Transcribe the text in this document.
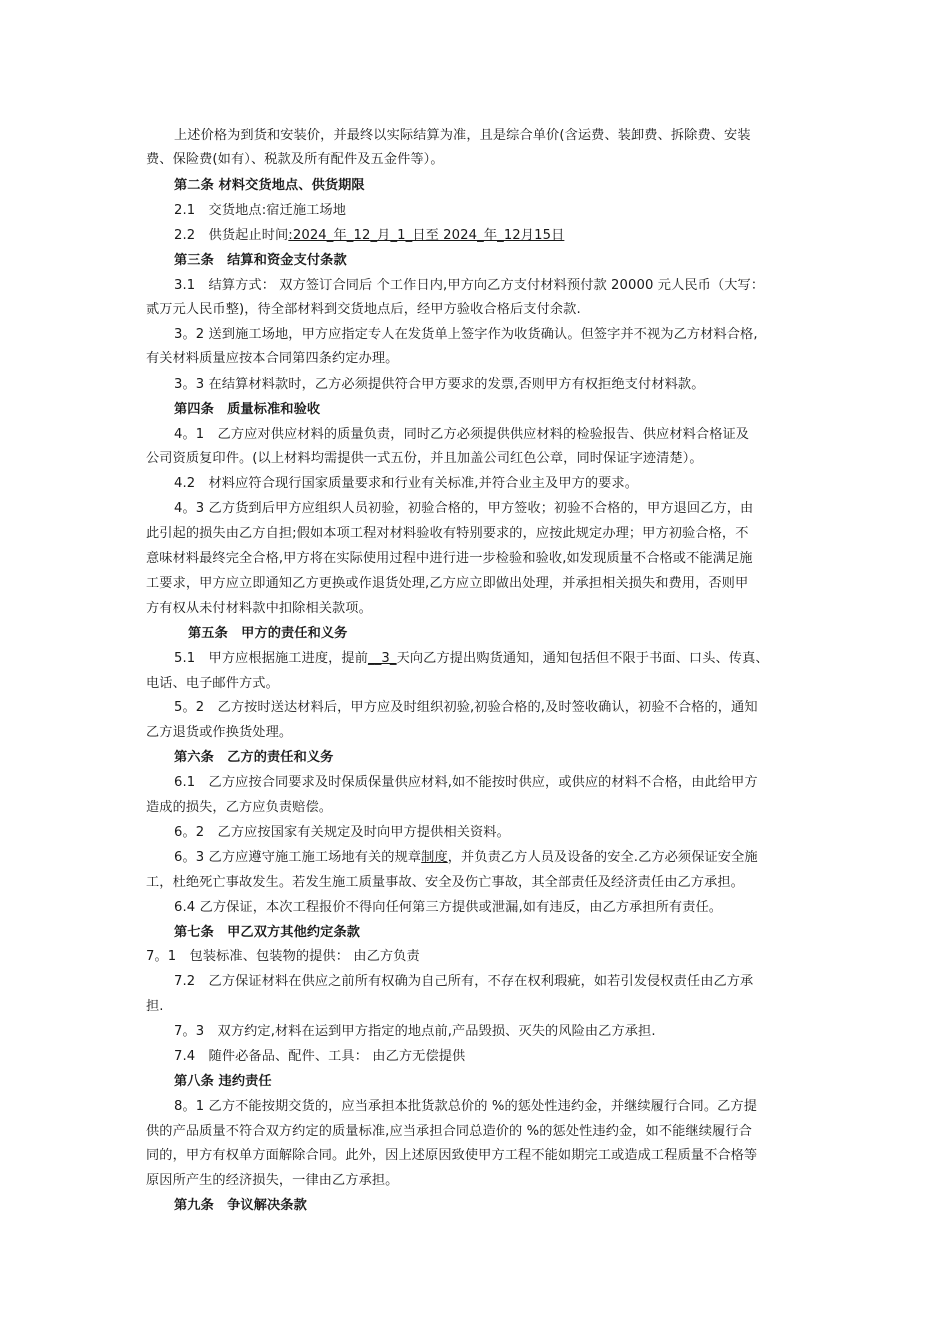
上述价格为到货和安装价，并最终以实际结算为准，且是综合单价(含运费、装卸费、拆除费、安装
费、保险费(如有）、税款及所有配件及五金件等）。
第二条 材料交货地点、供货期限
2.1　交货地点:宿迁施工场地
2.2　供货起止时间:2024_年_12_月_1_日至 2024_年_12月15日
第三条　结算和资金支付条款
3.1　结算方式： 双方签订合同后 个工作日内,甲方向乙方支付材料预付款 20000 元人民币（大写：
贰万元人民币整)，待全部材料到交货地点后，经甲方验收合格后支付余款.
3。2 送到施工场地，甲方应指定专人在发货单上签字作为收货确认。但签字并不视为乙方材料合格,
有关材料质量应按本合同第四条约定办理。
3。3 在结算材料款时，乙方必须提供符合甲方要求的发票,否则甲方有权拒绝支付材料款。
第四条　质量标准和验收
4。1　乙方应对供应材料的质量负责，同时乙方必须提供供应材料的检验报告、供应材料合格证及
公司资质复印件。(以上材料均需提供一式五份，并且加盖公司红色公章，同时保证字迹清楚）。
4.2　材料应符合现行国家质量要求和行业有关标准,并符合业主及甲方的要求。
4。3 乙方货到后甲方应组织人员初验，初验合格的，甲方签收；初验不合格的，甲方退回乙方，由
此引起的损失由乙方自担;假如本项工程对材料验收有特别要求的，应按此规定办理；甲方初验合格，不
意味材料最终完全合格,甲方将在实际使用过程中进行进一步检验和验收,如发现质量不合格或不能满足施
工要求，甲方应立即通知乙方更换或作退货处理,乙方应立即做出处理，并承担相关损失和费用，否则甲
方有权从未付材料款中扣除相关款项。
第五条　甲方的责任和义务
5.1　甲方应根据施工进度，提前__3_天向乙方提出购货通知，通知包括但不限于书面、口头、传真、
电话、电子邮件方式。
5。2　乙方按时送达材料后，甲方应及时组织初验,初验合格的,及时签收确认，初验不合格的，通知
乙方退货或作换货处理。
第六条　乙方的责任和义务
6.1　乙方应按合同要求及时保质保量供应材料,如不能按时供应，或供应的材料不合格，由此给甲方
造成的损失，乙方应负责赔偿。
6。2　乙方应按国家有关规定及时向甲方提供相关资料。
6。3 乙方应遵守施工施工场地有关的规章制度，并负责乙方人员及设备的安全.乙方必须保证安全施
工，杜绝死亡事故发生。若发生施工质量事故、安全及伤亡事故，其全部责任及经济责任由乙方承担。
6.4 乙方保证，本次工程报价不得向任何第三方提供或泄漏,如有违反，由乙方承担所有责任。
第七条　甲乙双方其他约定条款
7。1　包装标准、包装物的提供： 由乙方负责
7.2　乙方保证材料在供应之前所有权确为自己所有，不存在权利瑕疵，如若引发侵权责任由乙方承
担.
7。3　双方约定,材料在运到甲方指定的地点前,产品毁损、灭失的风险由乙方承担.
7.4　随件必备品、配件、工具： 由乙方无偿提供
第八条 违约责任
8。1 乙方不能按期交货的，应当承担本批货款总价的 %的惩处性违约金，并继续履行合同。乙方提
供的产品质量不符合双方约定的质量标准,应当承担合同总造价的 %的惩处性违约金，如不能继续履行合
同的，甲方有权单方面解除合同。此外，因上述原因致使甲方工程不能如期完工或造成工程质量不合格等
原因所产生的经济损失，一律由乙方承担。
第九条　争议解决条款
